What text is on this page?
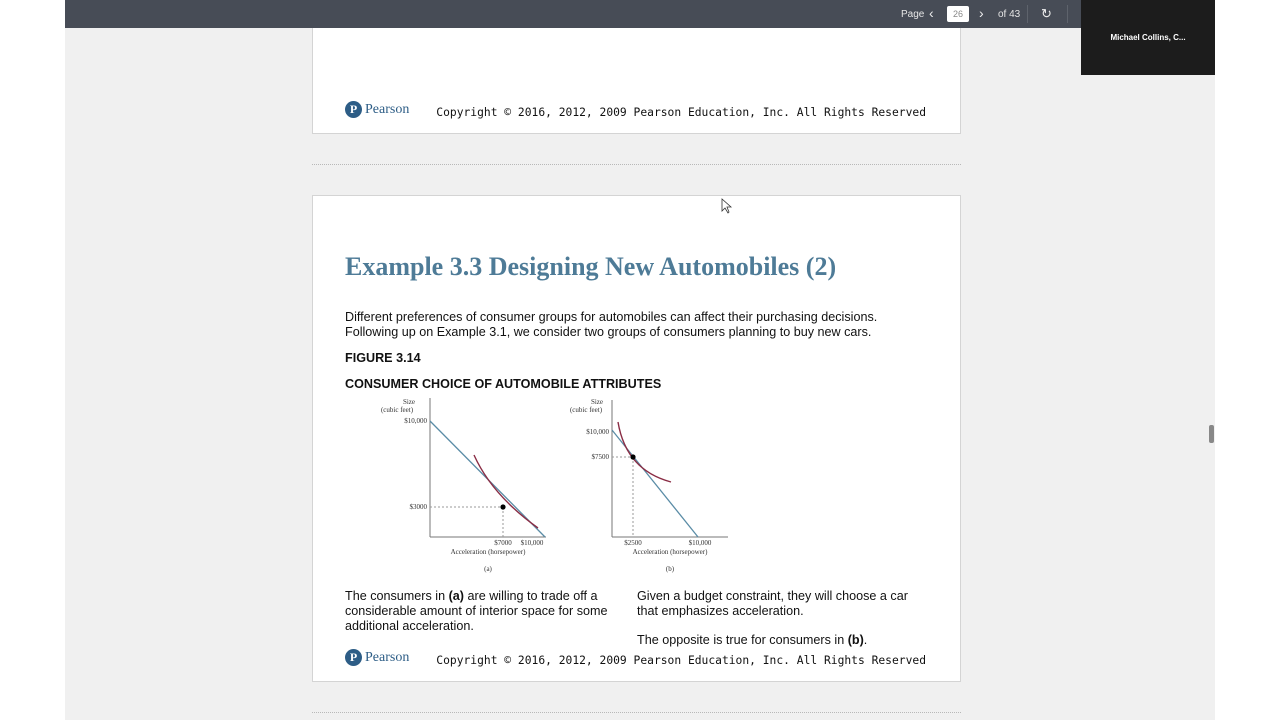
P Pearson Copyright © 2016, 2012, 2009 Pearson Education, Inc. All Rights Reserved
Example 3.3 Designing New Automobiles (2)
Different preferences of consumer groups for automobiles can affect their purchasing decisions.
Following up on Example 3.1, we consider two groups of consumers planning to buy new cars.
FIGURE 3.14
CONSUMER CHOICE OF AUTOMOBILE ATTRIBUTES
The consumers in (a) are willing to trade off a considerable amount of interior space for some additional acceleration.
Given a budget constraint, they will choose a car that emphasizes acceleration.
The opposite is true for consumers in (b).
P Pearson Copyright © 2016, 2012, 2009 Pearson Education, Inc. All Rights Reserved
Page ‹	26	› of 43 ↻
Size
(cubic feet)
$10,000
$3000
$7000 $10,000
Acceleration (horsepower)
(a)
Size
(cubic feet)
$10,000
$7500
$2500	$10,000
Acceleration (horsepower)
(b)
Michael Collins, C...
